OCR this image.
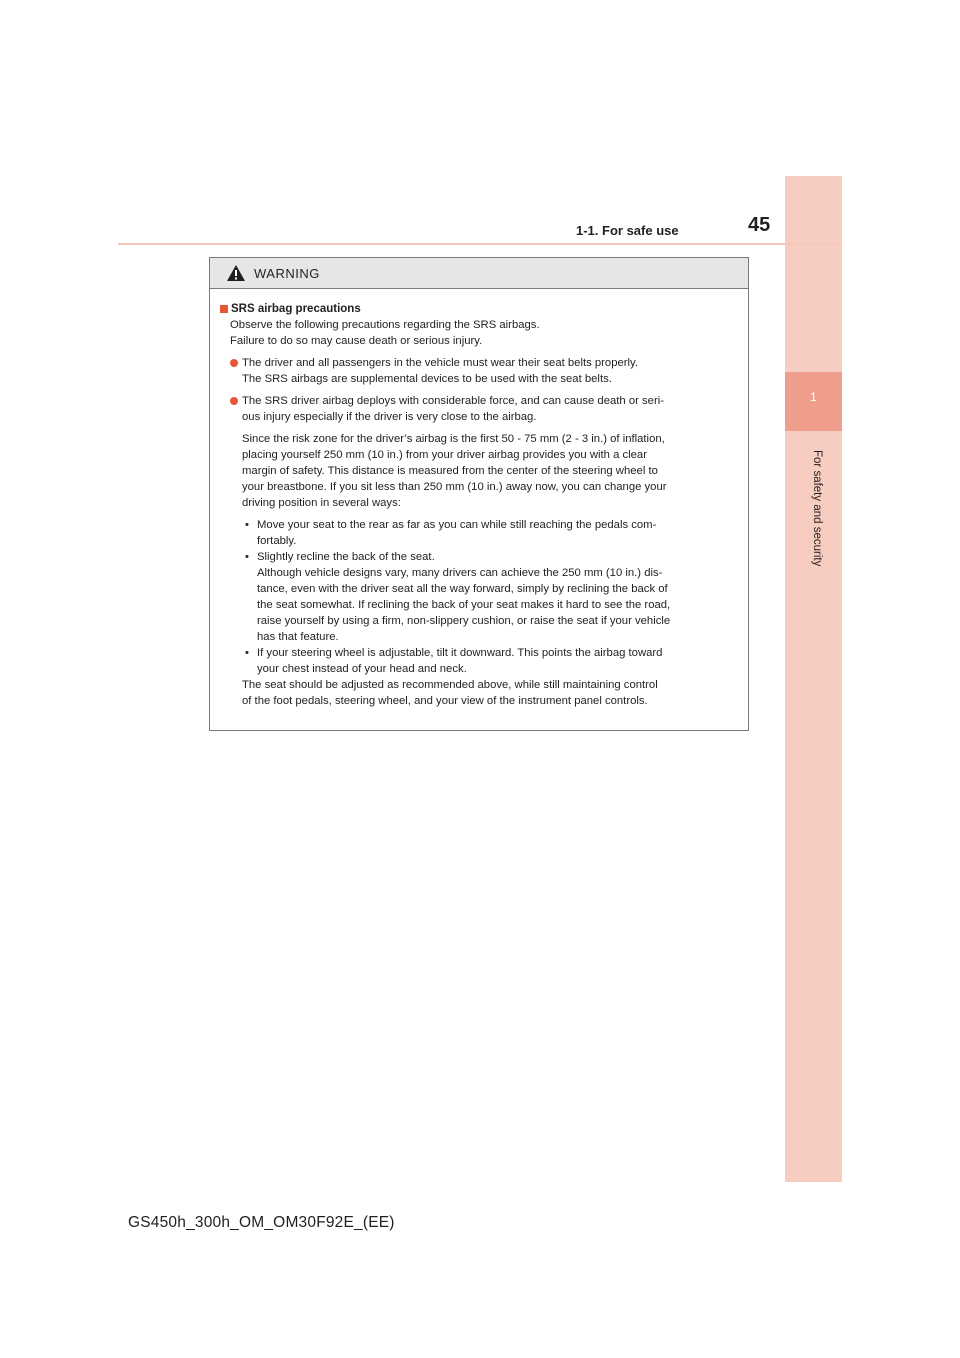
1
For safety and security
1-1. For safe use	45
WARNING
SRS airbag precautions
Observe the following precautions regarding the SRS airbags.
Failure to do so may cause death or serious injury.
The driver and all passengers in the vehicle must wear their seat belts properly.
The SRS airbags are supplemental devices to be used with the seat belts.
The SRS driver airbag deploys with considerable force, and can cause death or seri-
ous injury especially if the driver is very close to the airbag.
Since the risk zone for the driver’s airbag is the first 50 - 75 mm (2 - 3 in.) of inflation,
placing yourself 250 mm (10 in.) from your driver airbag provides you with a clear
margin of safety. This distance is measured from the center of the steering wheel to
your breastbone. If you sit less than 250 mm (10 in.) away now, you can change your
driving position in several ways:
• Move your seat to the rear as far as you can while still reaching the pedals com-
fortably.
• Slightly recline the back of the seat.
Although vehicle designs vary, many drivers can achieve the 250 mm (10 in.) dis-
tance, even with the driver seat all the way forward, simply by reclining the back of
the seat somewhat. If reclining the back of your seat makes it hard to see the road,
raise yourself by using a firm, non-slippery cushion, or raise the seat if your vehicle
has that feature.
• If your steering wheel is adjustable, tilt it downward. This points the airbag toward
your chest instead of your head and neck.
The seat should be adjusted as recommended above, while still maintaining control
of the foot pedals, steering wheel, and your view of the instrument panel controls.
GS450h_300h_OM_OM30F92E_(EE)
